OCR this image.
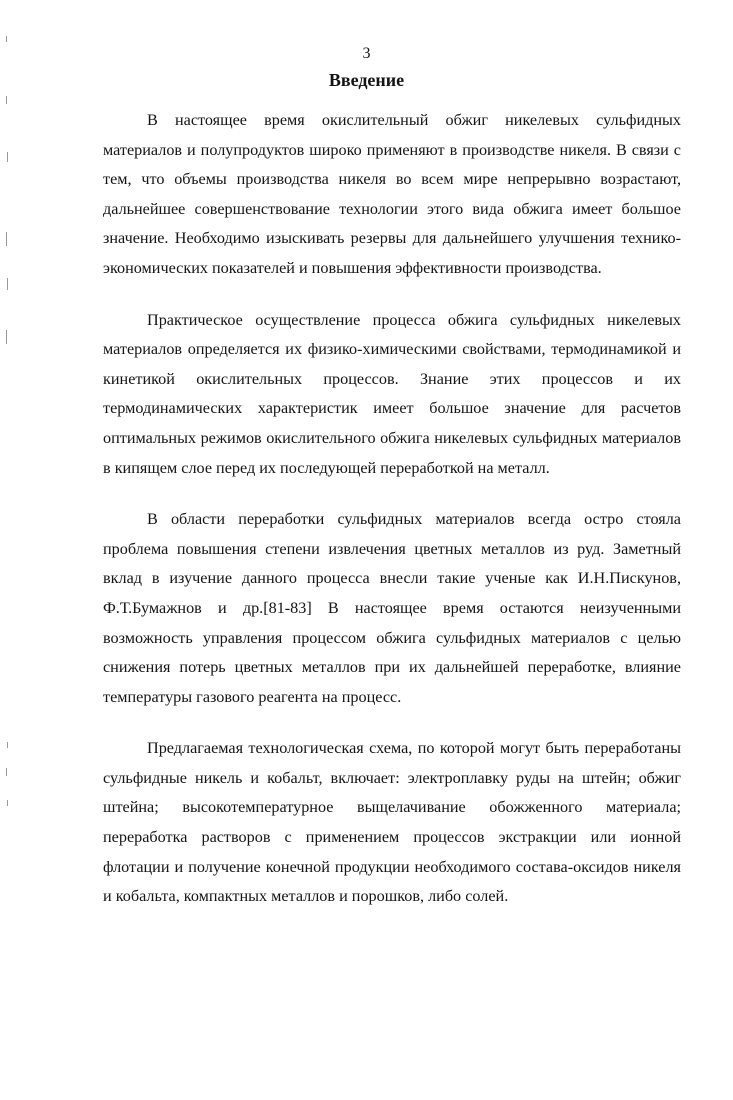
3
Введение

В настоящее время окислительный обжиг никелевых сульфидных материалов и полупродуктов широко применяют в производстве никеля. В связи с тем, что объемы производства никеля во всем мире непрерывно возрастают, дальнейшее совершенствование технологии этого вида обжига имеет большое значение. Необходимо изыскивать резервы для дальнейшего улучшения технико-экономических показателей и повышения эффективности производства.

Практическое осуществление процесса обжига сульфидных никелевых материалов определяется их физико-химическими свойствами, термодинамикой и кинетикой окислительных процессов. Знание этих процессов и их термодинамических характеристик имеет большое значение для расчетов оптимальных режимов окислительного обжига никелевых сульфидных материалов в кипящем слое перед их последующей переработкой на металл.

В области переработки сульфидных материалов всегда остро стояла проблема повышения степени извлечения цветных металлов из руд. Заметный вклад в изучение данного процесса внесли такие ученые как И.Н.Пискунов, Ф.Т.Бумажнов и др.[81-83] В настоящее время остаются неизученными возможность управления процессом обжига сульфидных материалов с целью снижения потерь цветных металлов при их дальнейшей переработке, влияние температуры газового реагента на процесс.

Предлагаемая технологическая схема, по которой могут быть переработаны сульфидные никель и кобальт, включает: электроплавку руды на штейн; обжиг штейна; высокотемпературное выщелачивание обожженного материала; переработка растворов с применением процессов экстракции или ионной флотации и получение конечной продукции необходимого состава-оксидов никеля и кобальта, компактных металлов и порошков, либо солей.
